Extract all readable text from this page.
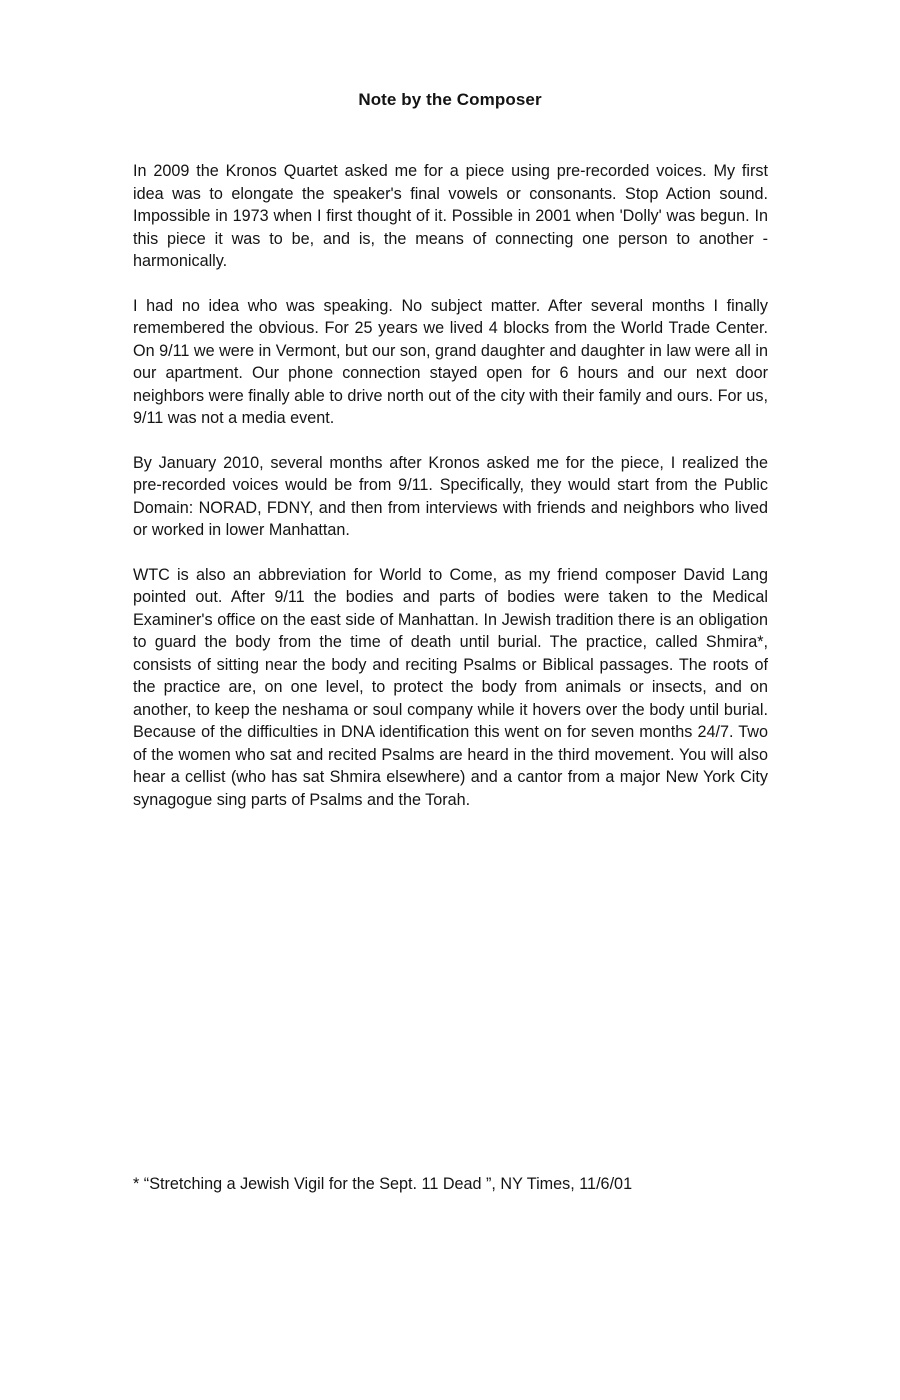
Note by the Composer

In 2009 the Kronos Quartet asked me for a piece using pre-recorded voices. My first idea was to elongate the speaker's final vowels or consonants. Stop Action sound. Impossible in 1973 when I first thought of it. Possible in 2001 when 'Dolly' was begun. In this piece it was to be, and is, the means of connecting one person to another - harmonically.

I had no idea who was speaking. No subject matter. After several months I finally remembered the obvious. For 25 years we lived 4 blocks from the World Trade Center. On 9/11 we were in Vermont, but our son, grand daughter and daughter in law were all in our apartment. Our phone connection stayed open for 6 hours and our next door neighbors were finally able to drive north out of the city with their family and ours. For us, 9/11 was not a media event.

By January 2010, several months after Kronos asked me for the piece, I realized the pre-recorded voices would be from 9/11. Specifically, they would start from the Public Domain: NORAD, FDNY, and then from interviews with friends and neighbors who lived or worked in lower Manhattan.

WTC is also an abbreviation for World to Come, as my friend composer David Lang pointed out. After 9/11 the bodies and parts of bodies were taken to the Medical Examiner's office on the east side of Manhattan. In Jewish tradition there is an obligation to guard the body from the time of death until burial. The practice, called Shmira*, consists of sitting near the body and reciting Psalms or Biblical passages. The roots of the practice are, on one level, to protect the body from animals or insects, and on another, to keep the neshama or soul company while it hovers over the body until burial. Because of the difficulties in DNA identification this went on for seven months 24/7. Two of the women who sat and recited Psalms are heard in the third movement. You will also hear a cellist (who has sat Shmira elsewhere) and a cantor from a major New York City synagogue sing parts of Psalms and the Torah.

* “Stretching a Jewish Vigil for the Sept. 11 Dead ”, NY Times, 11/6/01
